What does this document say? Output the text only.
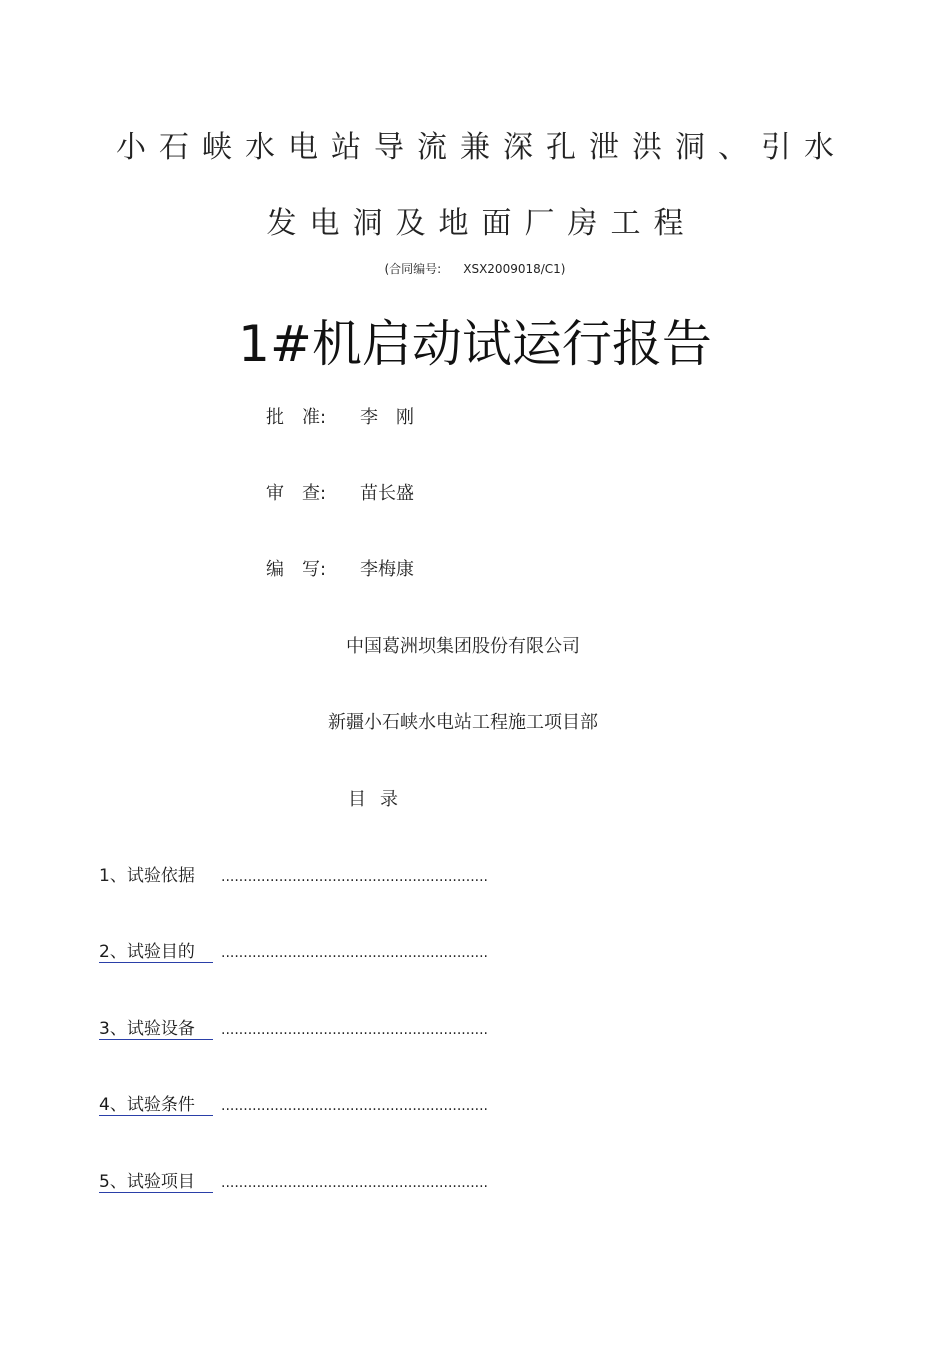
小石峡水电站导流兼深孔泄洪洞、引水
发电洞及地面厂房工程
(合同编号: XSX2009018/C1)
1#机启动试运行报告
批　准: 李　刚
审　查: 苗长盛
编　写: 李梅康
中国葛洲坝集团股份有限公司
新疆小石峡水电站工程施工项目部
目录
1、试验依据 ............................................................
2、试验目的 ............................................................
3、试验设备 ............................................................
4、试验条件 ............................................................
5、试验项目 ............................................................
